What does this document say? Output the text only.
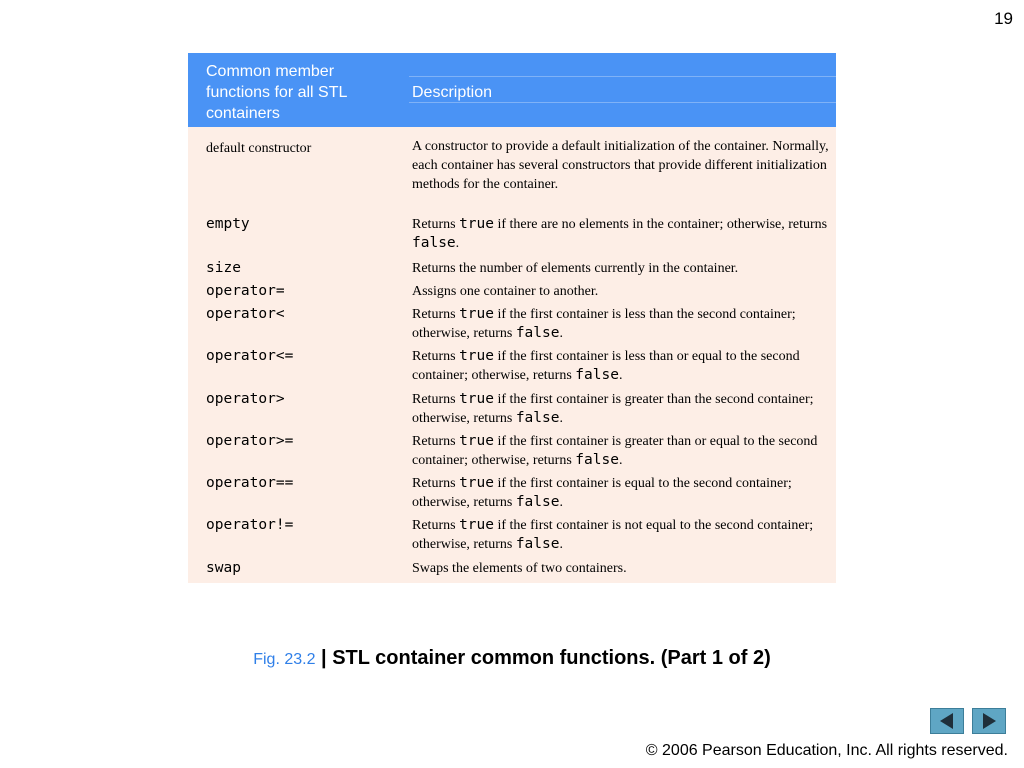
19
Common member functions for all STL containers
Description
default constructor	A constructor to provide a default initialization of the container. Normally, each container has several constructors that provide different initialization methods for the container.
empty	Returns true if there are no elements in the container; otherwise, returns false.
size	Returns the number of elements currently in the container.
operator=	Assigns one container to another.
operator<	Returns true if the first container is less than the second container; otherwise, returns false.
operator<=	Returns true if the first container is less than or equal to the second container; otherwise, returns false.
operator>	Returns true if the first container is greater than the second container; otherwise, returns false.
operator>=	Returns true if the first container is greater than or equal to the second container; otherwise, returns false.
operator==	Returns true if the first container is equal to the second container; otherwise, returns false.
operator!=	Returns true if the first container is not equal to the second container; otherwise, returns false.
swap	Swaps the elements of two containers.
Fig. 23.2 | STL container common functions. (Part 1 of 2)
© 2006 Pearson Education, Inc. All rights reserved.
